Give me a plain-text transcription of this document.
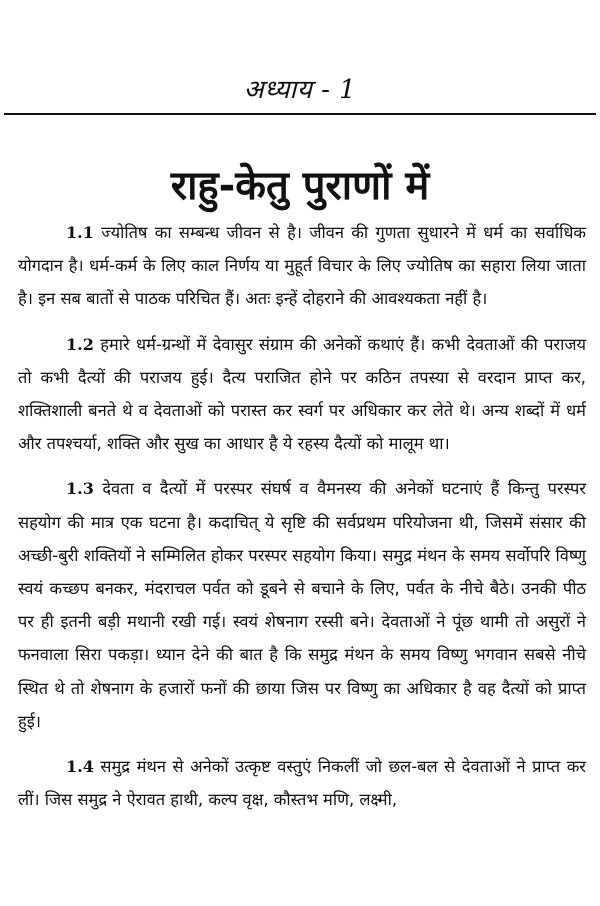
अध्याय - 1
राहु-केतु पुराणों में

1.1 ज्योतिष का सम्बन्ध जीवन से है। जीवन की गुणता सुधारने में धर्म का सर्वाधिक योगदान है। धर्म-कर्म के लिए काल निर्णय या मुहूर्त विचार के लिए ज्योतिष का सहारा लिया जाता है। इन सब बातों से पाठक परिचित हैं। अतः इन्हें दोहराने की आवश्यकता नहीं है।

1.2 हमारे धर्म-ग्रन्थों में देवासुर संग्राम की अनेकों कथाएं हैं। कभी देवताओं की पराजय तो कभी दैत्यों की पराजय हुई। दैत्य पराजित होने पर कठिन तपस्या से वरदान प्राप्त कर, शक्तिशाली बनते थे व देवताओं को परास्त कर स्वर्ग पर अधिकार कर लेते थे। अन्य शब्दों में धर्म और तपश्चर्या, शक्ति और सुख का आधार है ये रहस्य दैत्यों को मालूम था।

1.3 देवता व दैत्यों में परस्पर संघर्ष व वैमनस्य की अनेकों घटनाएं हैं किन्तु परस्पर सहयोग की मात्र एक घटना है। कदाचित् ये सृष्टि की सर्वप्रथम परियोजना थी, जिसमें संसार की अच्छी-बुरी शक्तियों ने सम्मिलित होकर परस्पर सहयोग किया। समुद्र मंथन के समय सर्वोपरि विष्णु स्वयं कच्छप बनकर, मंदराचल पर्वत को डूबने से बचाने के लिए, पर्वत के नीचे बैठे। उनकी पीठ पर ही इतनी बड़ी मथानी रखी गई। स्वयं शेषनाग रस्सी बने। देवताओं ने पूंछ थामी तो असुरों ने फनवाला सिरा पकड़ा। ध्यान देने की बात है कि समुद्र मंथन के समय विष्णु भगवान सबसे नीचे स्थित थे तो शेषनाग के हजारों फनों की छाया जिस पर विष्णु का अधिकार है वह दैत्यों को प्राप्त हुई।

1.4 समुद्र मंथन से अनेकों उत्कृष्ट वस्तुएं निकलीं जो छल-बल से देवताओं ने प्राप्त कर लीं। जिस समुद्र ने ऐरावत हाथी, कल्प वृक्ष, कौस्तभ मणि, लक्ष्मी,
